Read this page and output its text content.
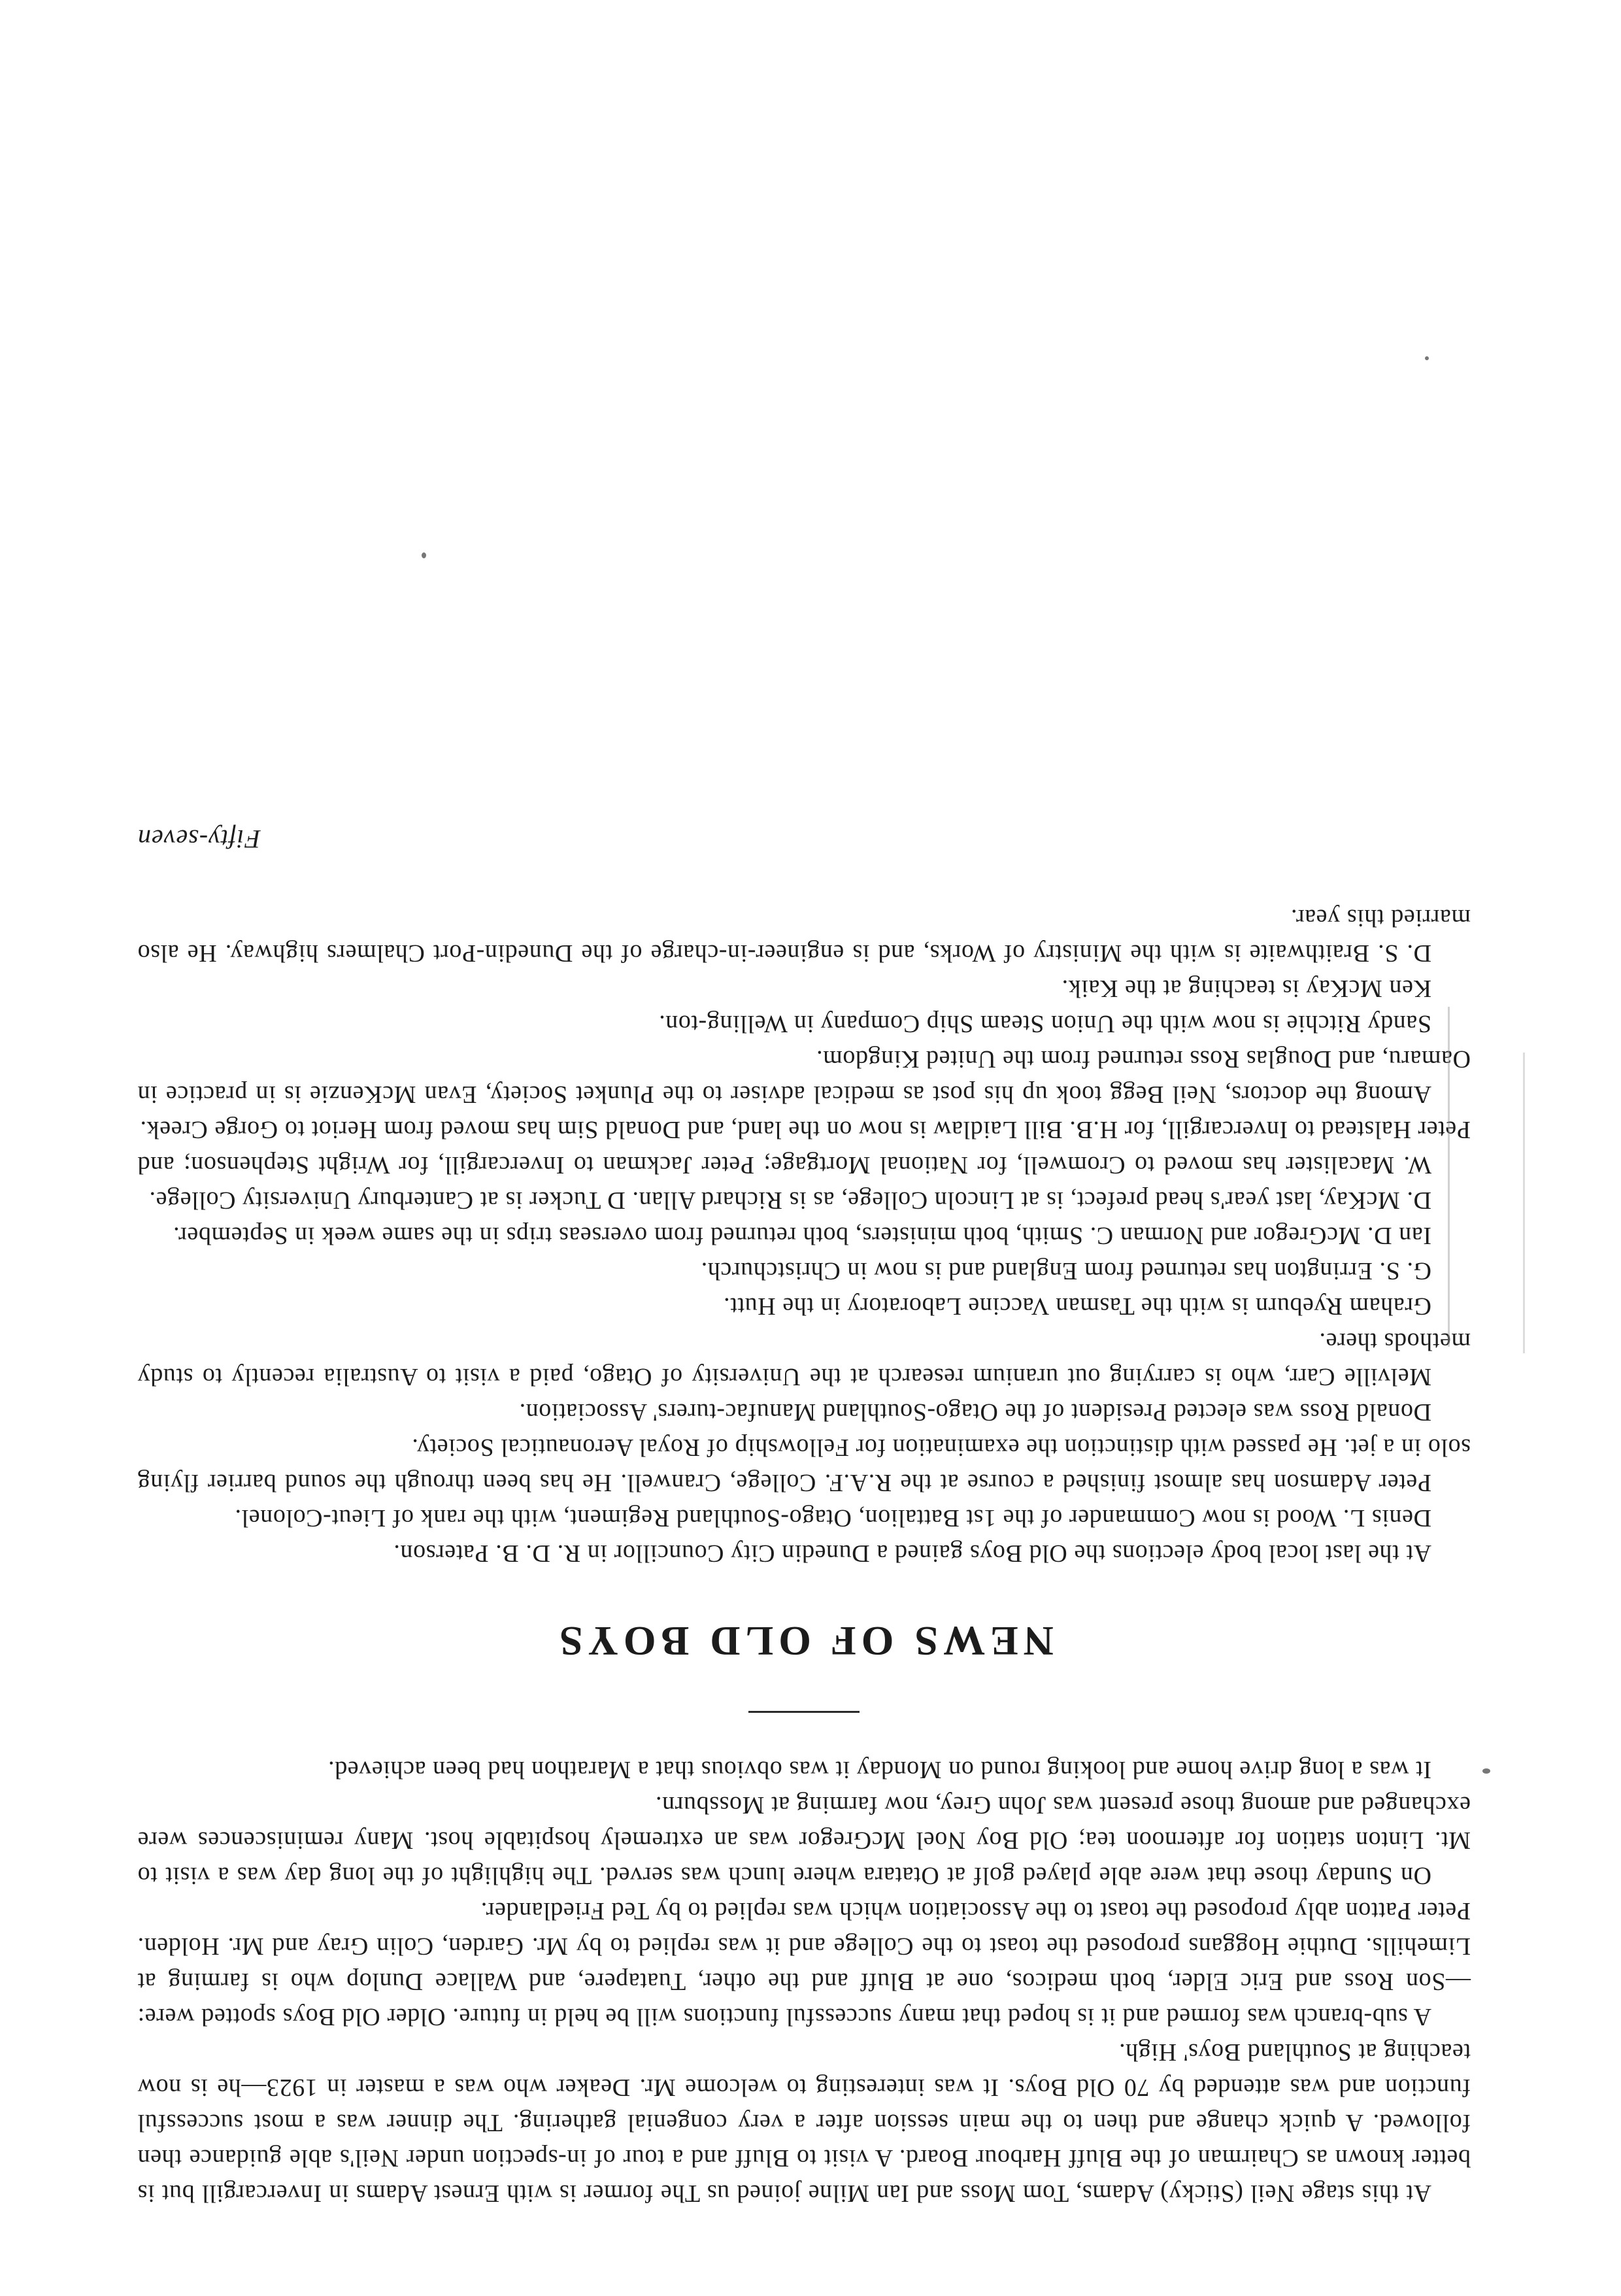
At this stage Neil (Sticky) Adams, Tom Moss and Ian Milne joined us The former is with Ernest Adams in Invercargill but is better known as Chairman of the Bluff Harbour Board. A visit to Bluff and a tour of in-spection under Neil's able guidance then followed. A quick change and then to the main session after a very congenial gathering. The dinner was a most successful function and was attended by 70 Old Boys. It was interesting to welcome Mr. Deaker who was a master in 1923—he is now teaching at Southland Boys' High.

A sub-branch was formed and it is hoped that many successful functions will be held in future. Older Old Boys spotted were:—Son Ross and Eric Elder, both medicos, one at Bluff and the other, Tuatapere, and Wallace Dunlop who is farming at Limehills. Duthie Hoggans proposed the toast to the College and it was replied to by Mr. Garden, Colin Gray and Mr. Holden. Peter Patton ably proposed the toast to the Association which was replied to by Ted Friedlander.

On Sunday those that were able played golf at Otatara where lunch was served. The highlight of the long day was a visit to Mt. Linton station for afternoon tea; Old Boy Noel McGregor was an extremely hospitable host. Many reminiscences were exchanged and among those present was John Grey, now farming at Mossburn.

It was a long drive home and looking round on Monday it was obvious that a Marathon had been achieved.

NEWS OF OLD BOYS

At the last local body elections the Old Boys gained a Dunedin City Councillor in R. D. B. Paterson.

Denis L. Wood is now Commander of the 1st Battalion, Otago-Southland Regiment, with the rank of Lieut-Colonel.

Peter Adamson has almost finished a course at the R.A.F. College, Cranwell. He has been through the sound barrier flying solo in a jet. He passed with distinction the examination for Fellowship of Royal Aeronautical Society.

Donald Ross was elected President of the Otago-Southland Manufac-turers' Association.

Melville Carr, who is carrying out uranium research at the University of Otago, paid a visit to Australia recently to study methods there.

Graham Ryeburn is with the Tasman Vaccine Laboratory in the Hutt.

G. S. Errington has returned from England and is now in Christchurch.

Ian D. McGregor and Norman C. Smith, both ministers, both returned from overseas trips in the same week in September.

D. McKay, last year's head prefect, is at Lincoln College, as is Richard Allan. D Tucker is at Canterbury University College.

W. Macalister has moved to Cromwell, for National Mortgage; Peter Jackman to Invercargill, for Wright Stephenson; and Peter Halstead to Invercargill, for H.B. Bill Laidlaw is now on the land, and Donald Sim has moved from Heriot to Gorge Creek.

Among the doctors, Neil Begg took up his post as medical adviser to the Plunket Society, Evan McKenzie is in practice in Oamaru, and Douglas Ross returned from the United Kingdom.

Sandy Ritchie is now with the Union Steam Ship Company in Welling-ton.

Ken McKay is teaching at the Kaik.

D. S. Braithwaite is with the Ministry of Works, and is engineer-in-charge of the Dunedin-Port Chalmers highway. He also married this year.

Fifty-seven
